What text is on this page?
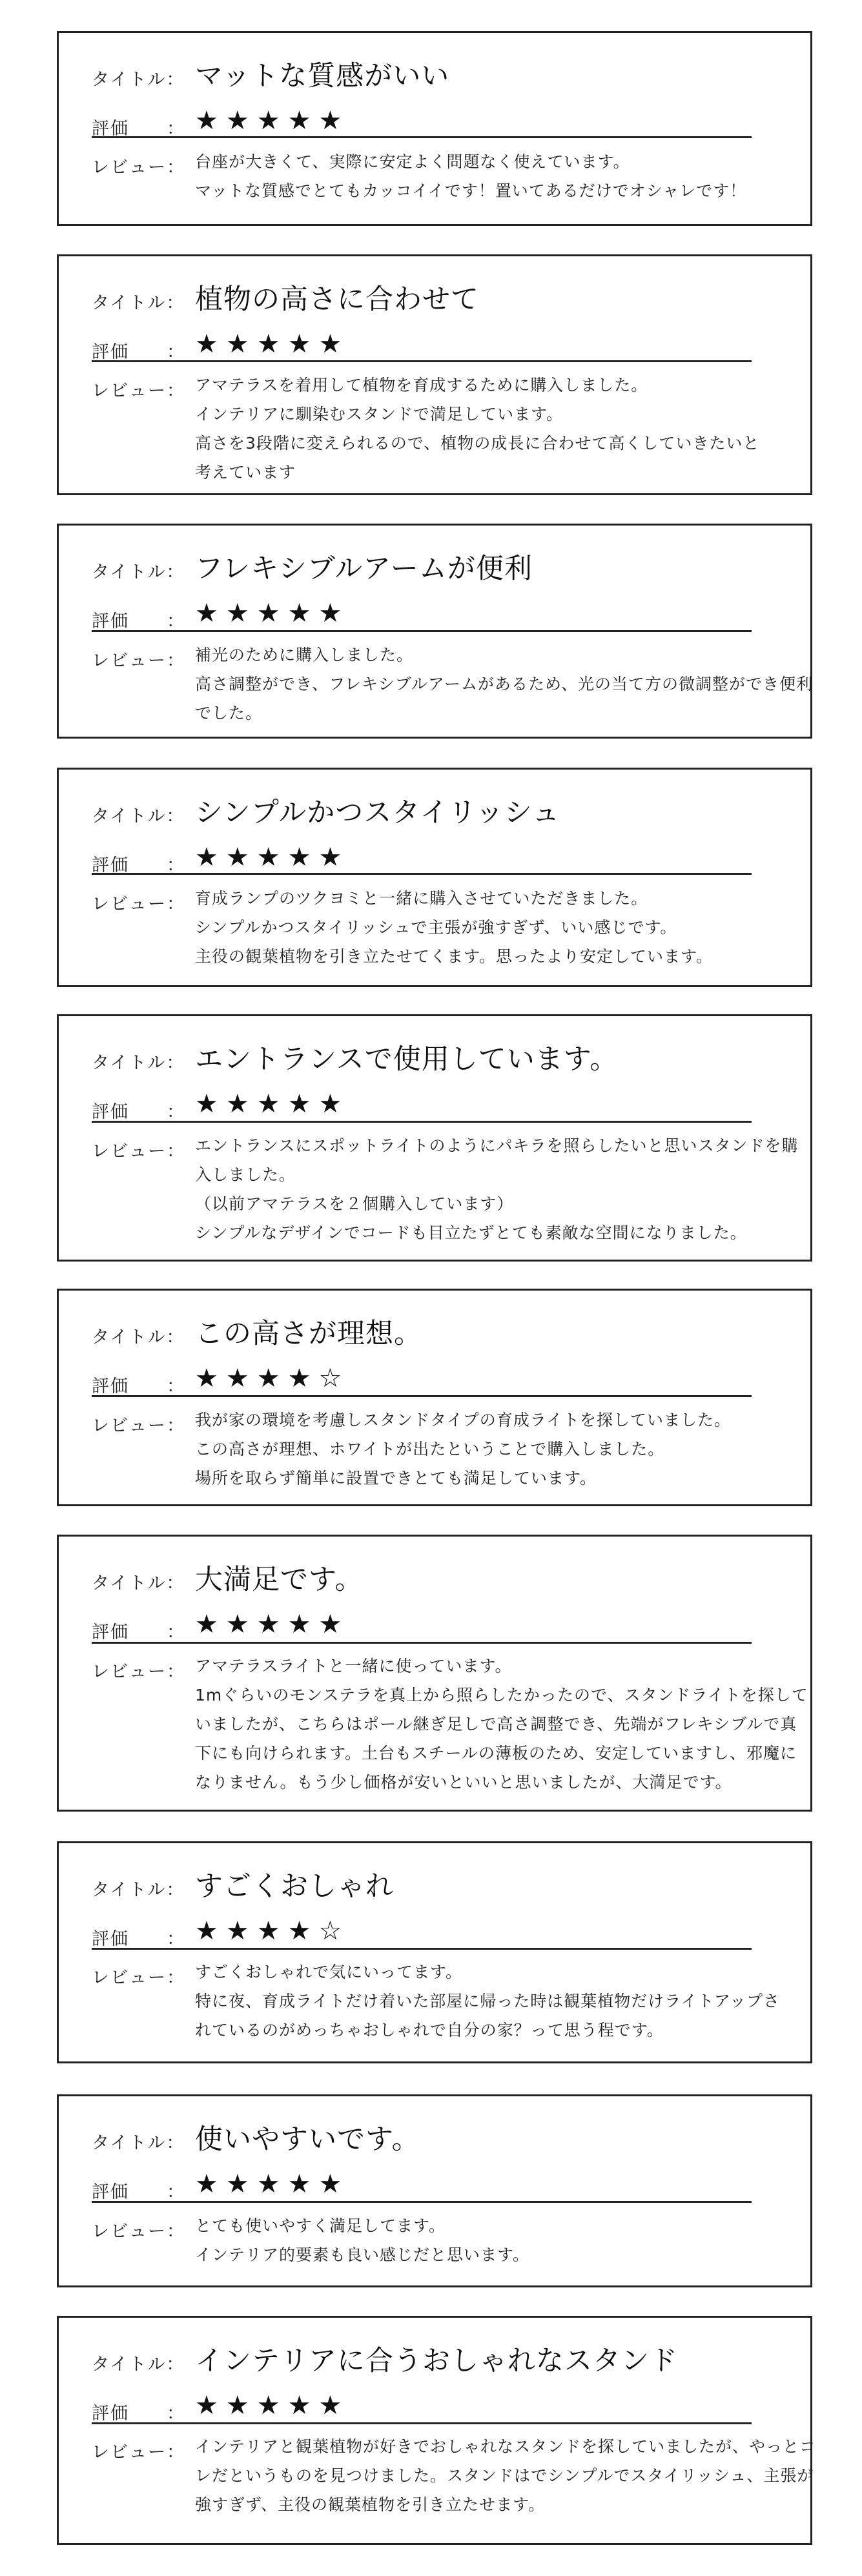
タイトル： マットな質感がいい
評価 ： ★★★★★
レビュー： 台座が大きくて、実際に安定よく問題なく使えています。
マットな質感でとてもカッコイイです！置いてあるだけでオシャレです！
タイトル： 植物の高さに合わせて
評価 ： ★★★★★
レビュー： アマテラスを着用して植物を育成するために購入しました。
インテリアに馴染むスタンドで満足しています。
高さを3段階に変えられるので、植物の成長に合わせて高くしていきたいと
考えています
タイトル： フレキシブルアームが便利
評価 ： ★★★★★
レビュー： 補光のために購入しました。
高さ調整ができ、フレキシブルアームがあるため、光の当て方の微調整ができ便利
でした。
タイトル： シンプルかつスタイリッシュ
評価 ： ★★★★★
レビュー： 育成ランプのツクヨミと一緒に購入させていただきました。
シンプルかつスタイリッシュで主張が強すぎず、いい感じです。
主役の観葉植物を引き立たせてくます。思ったより安定しています。
タイトル： エントランスで使用しています。
評価 ： ★★★★★
レビュー： エントランスにスポットライトのようにパキラを照らしたいと思いスタンドを購
入しました。
（以前アマテラスを２個購入しています）
シンプルなデザインでコードも目立たずとても素敵な空間になりました。
タイトル： この高さが理想。
評価 ： ★★★★☆
レビュー： 我が家の環境を考慮しスタンドタイプの育成ライトを探していました。
この高さが理想、ホワイトが出たということで購入しました。
場所を取らず簡単に設置できとても満足しています。
タイトル： 大満足です。
評価 ： ★★★★★
レビュー： アマテラスライトと一緒に使っています。
1mぐらいのモンステラを真上から照らしたかったので、スタンドライトを探して
いましたが、こちらはポール継ぎ足しで高さ調整でき、先端がフレキシブルで真
下にも向けられます。土台もスチールの薄板のため、安定していますし、邪魔に
なりません。もう少し価格が安いといいと思いましたが、大満足です。
タイトル： すごくおしゃれ
評価 ： ★★★★☆
レビュー： すごくおしゃれで気にいってます。
特に夜、育成ライトだけ着いた部屋に帰った時は観葉植物だけライトアップさ
れているのがめっちゃおしゃれで自分の家？って思う程です。
タイトル： 使いやすいです。
評価 ： ★★★★★
レビュー： とても使いやすく満足してます。
インテリア的要素も良い感じだと思います。
タイトル： インテリアに合うおしゃれなスタンド
評価 ： ★★★★★
レビュー： インテリアと観葉植物が好きでおしゃれなスタンドを探していましたが、やっとコ
レだというものを見つけました。スタンドはでシンプルでスタイリッシュ、主張が
強すぎず、主役の観葉植物を引き立たせます。
